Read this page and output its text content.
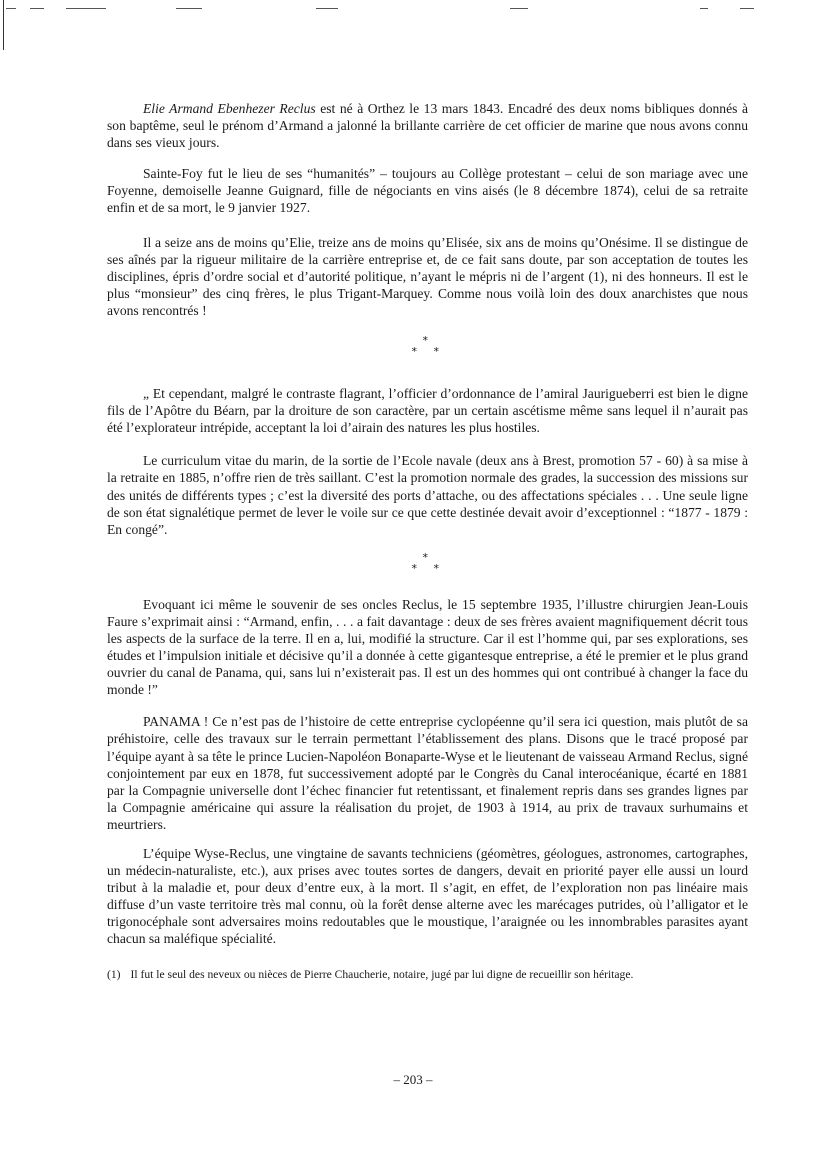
Elie Armand Ebenhezer Reclus est né à Orthez le 13 mars 1843. Encadré des deux noms bibliques donnés à son baptême, seul le prénom d’Armand a jalonné la brillante carrière de cet officier de marine que nous avons connu dans ses vieux jours.

Sainte-Foy fut le lieu de ses “humanités” – toujours au Collège protestant – celui de son mariage avec une Foyenne, demoiselle Jeanne Guignard, fille de négociants en vins aisés (le 8 décembre 1874), celui de sa retraite enfin et de sa mort, le 9 janvier 1927.

Il a seize ans de moins qu’Elie, treize ans de moins qu’Elisée, six ans de moins qu’Onésime. Il se distingue de ses aînés par la rigueur militaire de la carrière entreprise et, de ce fait sans doute, par son acceptation de toutes les disciplines, épris d’ordre social et d’autorité politique, n’ayant le mépris ni de l’argent (1), ni des honneurs. Il est le plus “monsieur” des cinq frères, le plus Trigant-Marquey. Comme nous voilà loin des doux anarchistes que nous avons rencontrés !

*
* *

„ Et cependant, malgré le contraste flagrant, l’officier d’ordonnance de l’amiral Jauriguеberri est bien le digne fils de l’Apôtre du Béarn, par la droiture de son caractère, par un certain ascétisme même sans lequel il n’aurait pas été l’explorateur intrépide, acceptant la loi d’airain des natures les plus hostiles.

Le curriculum vitae du marin, de la sortie de l’Ecole navale (deux ans à Brest, promotion 57 - 60) à sa mise à la retraite en 1885, n’offre rien de très saillant. C’est la promotion normale des grades, la succession des missions sur des unités de différents types ; c’est la diversité des ports d’attache, ou des affectations spéciales . . . Une seule ligne de son état signalétique permet de lever le voile sur ce que cette destinée devait avoir d’exceptionnel : “1877 - 1879 : En congé”.

*
* *

Evoquant ici même le souvenir de ses oncles Reclus, le 15 septembre 1935, l’illustre chirurgien Jean-Louis Faure s’exprimait ainsi : “Armand, enfin, . . . a fait davantage : deux de ses frères avaient magnifiquement décrit tous les aspects de la surface de la terre. Il en a, lui, modifié la structure. Car il est l’homme qui, par ses explorations, ses études et l’impulsion initiale et décisive qu’il a donnée à cette gigantesque entreprise, a été le premier et le plus grand ouvrier du canal de Panama, qui, sans lui n’existerait pas. Il est un des hommes qui ont contribué à changer la face du monde !”

PANAMA ! Ce n’est pas de l’histoire de cette entreprise cyclopéenne qu’il sera ici question, mais plutôt de sa préhistoire, celle des travaux sur le terrain permettant l’établissement des plans. Disons que le tracé proposé par l’équipe ayant à sa tête le prince Lucien-Napoléon Bonaparte-Wyse et le lieutenant de vaisseau Armand Reclus, signé conjointement par eux en 1878, fut successivement adopté par le Congrès du Canal interocéanique, écarté en 1881 par la Compagnie universelle dont l’échec financier fut retentissant, et finalement repris dans ses grandes lignes par la Compagnie américaine qui assure la réalisation du projet, de 1903 à 1914, au prix de travaux surhumains et meurtriers.

L’équipe Wyse-Reclus, une vingtaine de savants techniciens (géomètres, géologues, astronomes, cartographes, un médecin-naturaliste, etc.), aux prises avec toutes sortes de dangers, devait en priorité payer elle aussi un lourd tribut à la maladie et, pour deux d’entre eux, à la mort. Il s’agit, en effet, de l’exploration non pas linéaire mais diffuse d’un vaste territoire très mal connu, où la forêt dense alterne avec les marécages putrides, où l’alligator et le trigonocéphale sont adversaires moins redoutables que le moustique, l’araignée ou les innombrables parasites ayant chacun sa maléfique spécialité.

(1) Il fut le seul des neveux ou nièces de Pierre Chaucherie, notaire, jugé par lui digne de recueillir son héritage.
– 203 –
